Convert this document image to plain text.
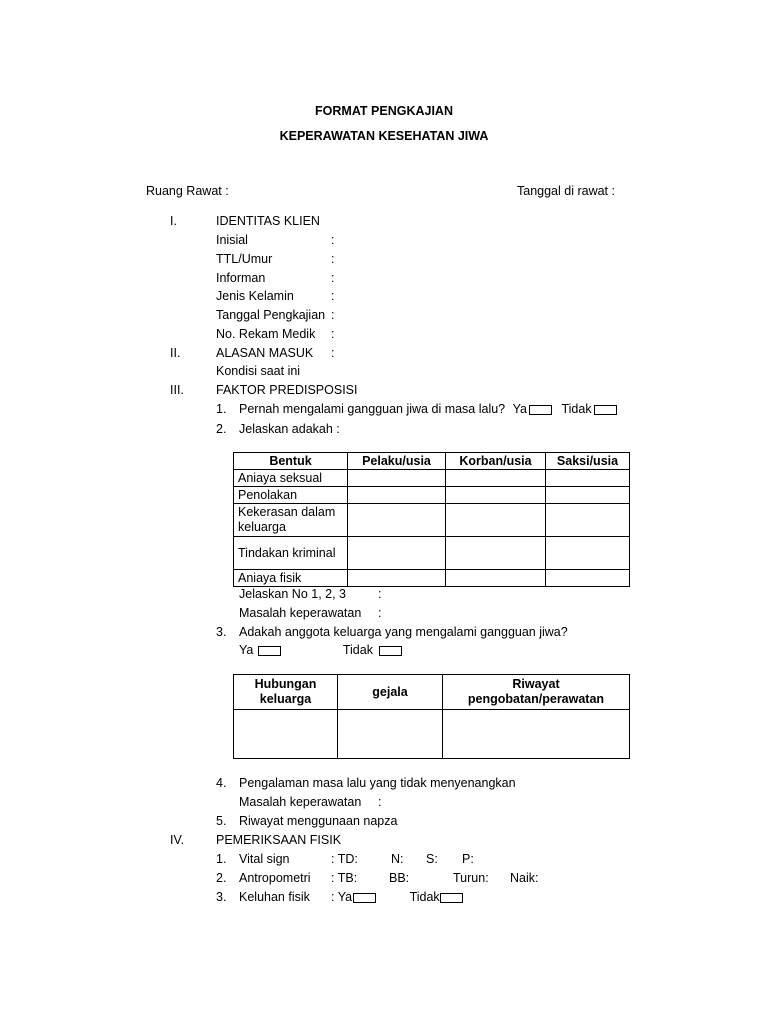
FORMAT PENGKAJIAN
KEPERAWATAN KESEHATAN JIWA
Ruang Rawat :	Tanggal di rawat :
I.	IDENTITAS KLIEN
Inisial	:
TTL/Umur	:
Informan	:
Jenis Kelamin	:
Tanggal Pengkajian :
No. Rekam Medik :
II.	ALASAN MASUK :
Kondisi saat ini
III.	FAKTOR PREDISPOSISI
1. Pernah mengalami gangguan jiwa di masa lalu? Ya	Tidak
2. Jelaskan adakah :
Bentuk	Pelaku/usia	Korban/usia	Saksi/usia
Aniaya seksual			
Penolakan			
Kekerasan dalam keluarga			
Tindakan kriminal			
Aniaya fisik			
Jelaskan No 1, 2, 3	:
Masalah keperawatan :
3. Adakah anggota keluarga yang mengalami gangguan jiwa?
Ya	Tidak
Hubungan keluarga	gejala	Riwayat pengobatan/perawatan

4. Pengalaman masa lalu yang tidak menyenangkan
Masalah keperawatan :
5. Riwayat menggunaan napza
IV.	PEMERIKSAAN FISIK
1. Vital sign	: TD:	N: S: P:
2. Antropometri : TB:	BB:	Turun: Naik:
3. Keluhan fisik : Ya	Tidak
